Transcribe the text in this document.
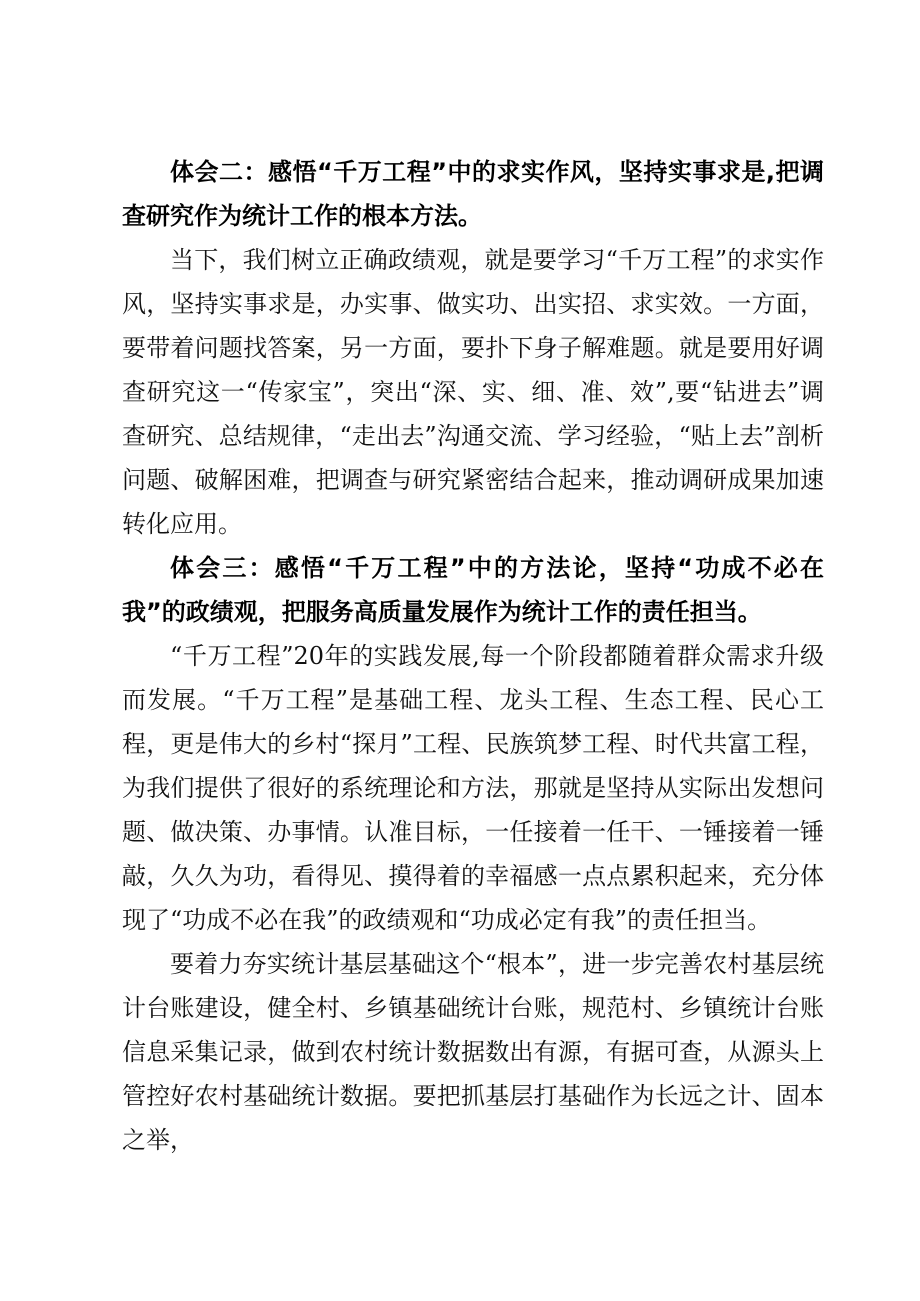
体会二：感悟“千万工程”中的求实作风，坚持实事求是,把调查研究作为统计工作的根本方法。

当下，我们树立正确政绩观，就是要学习“千万工程”的求实作风，坚持实事求是，办实事、做实功、出实招、求实效。一方面，要带着问题找答案，另一方面，要扑下身子解难题。就是要用好调查研究这一“传家宝”，突出“深、实、细、准、效”,要“钻进去”调查研究、总结规律，“走出去”沟通交流、学习经验，“贴上去”剖析问题、破解困难，把调查与研究紧密结合起来，推动调研成果加速转化应用。

体会三：感悟“千万工程”中的方法论，坚持“功成不必在我”的政绩观，把服务高质量发展作为统计工作的责任担当。

“千万工程”20年的实践发展,每一个阶段都随着群众需求升级而发展。“千万工程”是基础工程、龙头工程、生态工程、民心工程，更是伟大的乡村“探月”工程、民族筑梦工程、时代共富工程，为我们提供了很好的系统理论和方法，那就是坚持从实际出发想问题、做决策、办事情。认准目标，一任接着一任干、一锤接着一锤敲，久久为功，看得见、摸得着的幸福感一点点累积起来，充分体现了“功成不必在我”的政绩观和“功成必定有我”的责任担当。

要着力夯实统计基层基础这个“根本”，进一步完善农村基层统计台账建设，健全村、乡镇基础统计台账，规范村、乡镇统计台账信息采集记录，做到农村统计数据数出有源，有据可查，从源头上管控好农村基础统计数据。要把抓基层打基础作为长远之计、固本之举，
